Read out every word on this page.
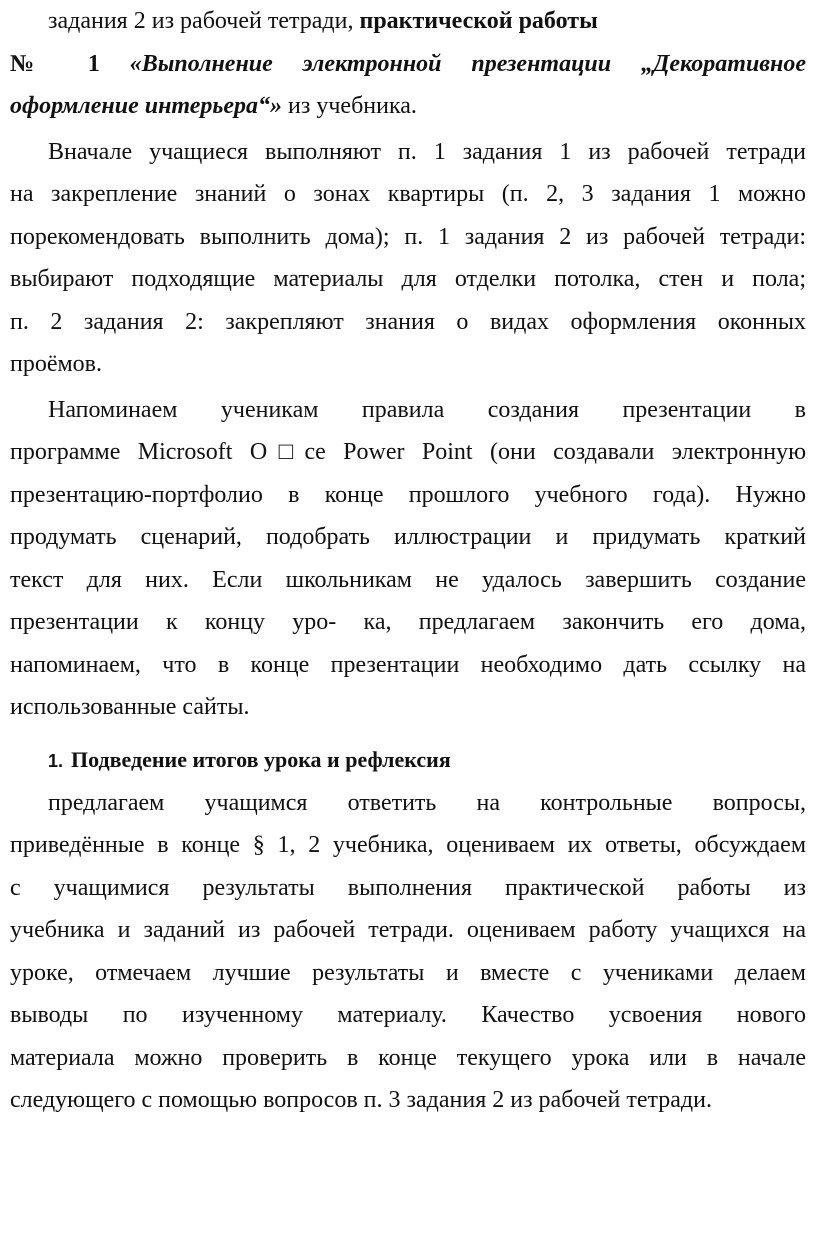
задания 2 из рабочей тетради, практической работы
№ 1 «Выполнение электронной презентации „Декоративное
оформление интерьера“» из учебника.
Вначале учащиеся выполняют п. 1 задания 1 из рабочей тетради
на закрепление знаний о зонах квартиры (п. 2, 3 задания 1 можно
порекомендовать выполнить дома); п. 1 задания 2 из рабочей тетради:
выбирают подходящие материалы для отделки потолка, стен и пола;
п. 2 задания 2: закрепляют знания о видах оформления оконных
проёмов.
Напоминаем ученикам правила создания презентации в
программе Microsoft O□ce Power Point (они создавали электронную
презентацию-портфолио в конце прошлого учебного года). Нужно
продумать сценарий, подобрать иллюстрации и придумать краткий
текст для них. Если школьникам не удалось завершить создание
презентации к концу уро- ка, предлагаем закончить его дома,
напоминаем, что в конце презентации необходимо дать ссылку на
использованные сайты.
1. Подведение итогов урока и рефлексия
предлагаем учащимся ответить на контрольные вопросы,
приведённые в конце § 1, 2 учебника, оцениваем их ответы, обсуждаем
с учащимися результаты выполнения практической работы из
учебника и заданий из рабочей тетради. оцениваем работу учащихся на
уроке, отмечаем лучшие результаты и вместе с учениками делаем
выводы по изученному материалу. Качество усвоения нового
материала можно проверить в конце текущего урока или в начале
следующего с помощью вопросов п. 3 задания 2 из рабочей тетради.
